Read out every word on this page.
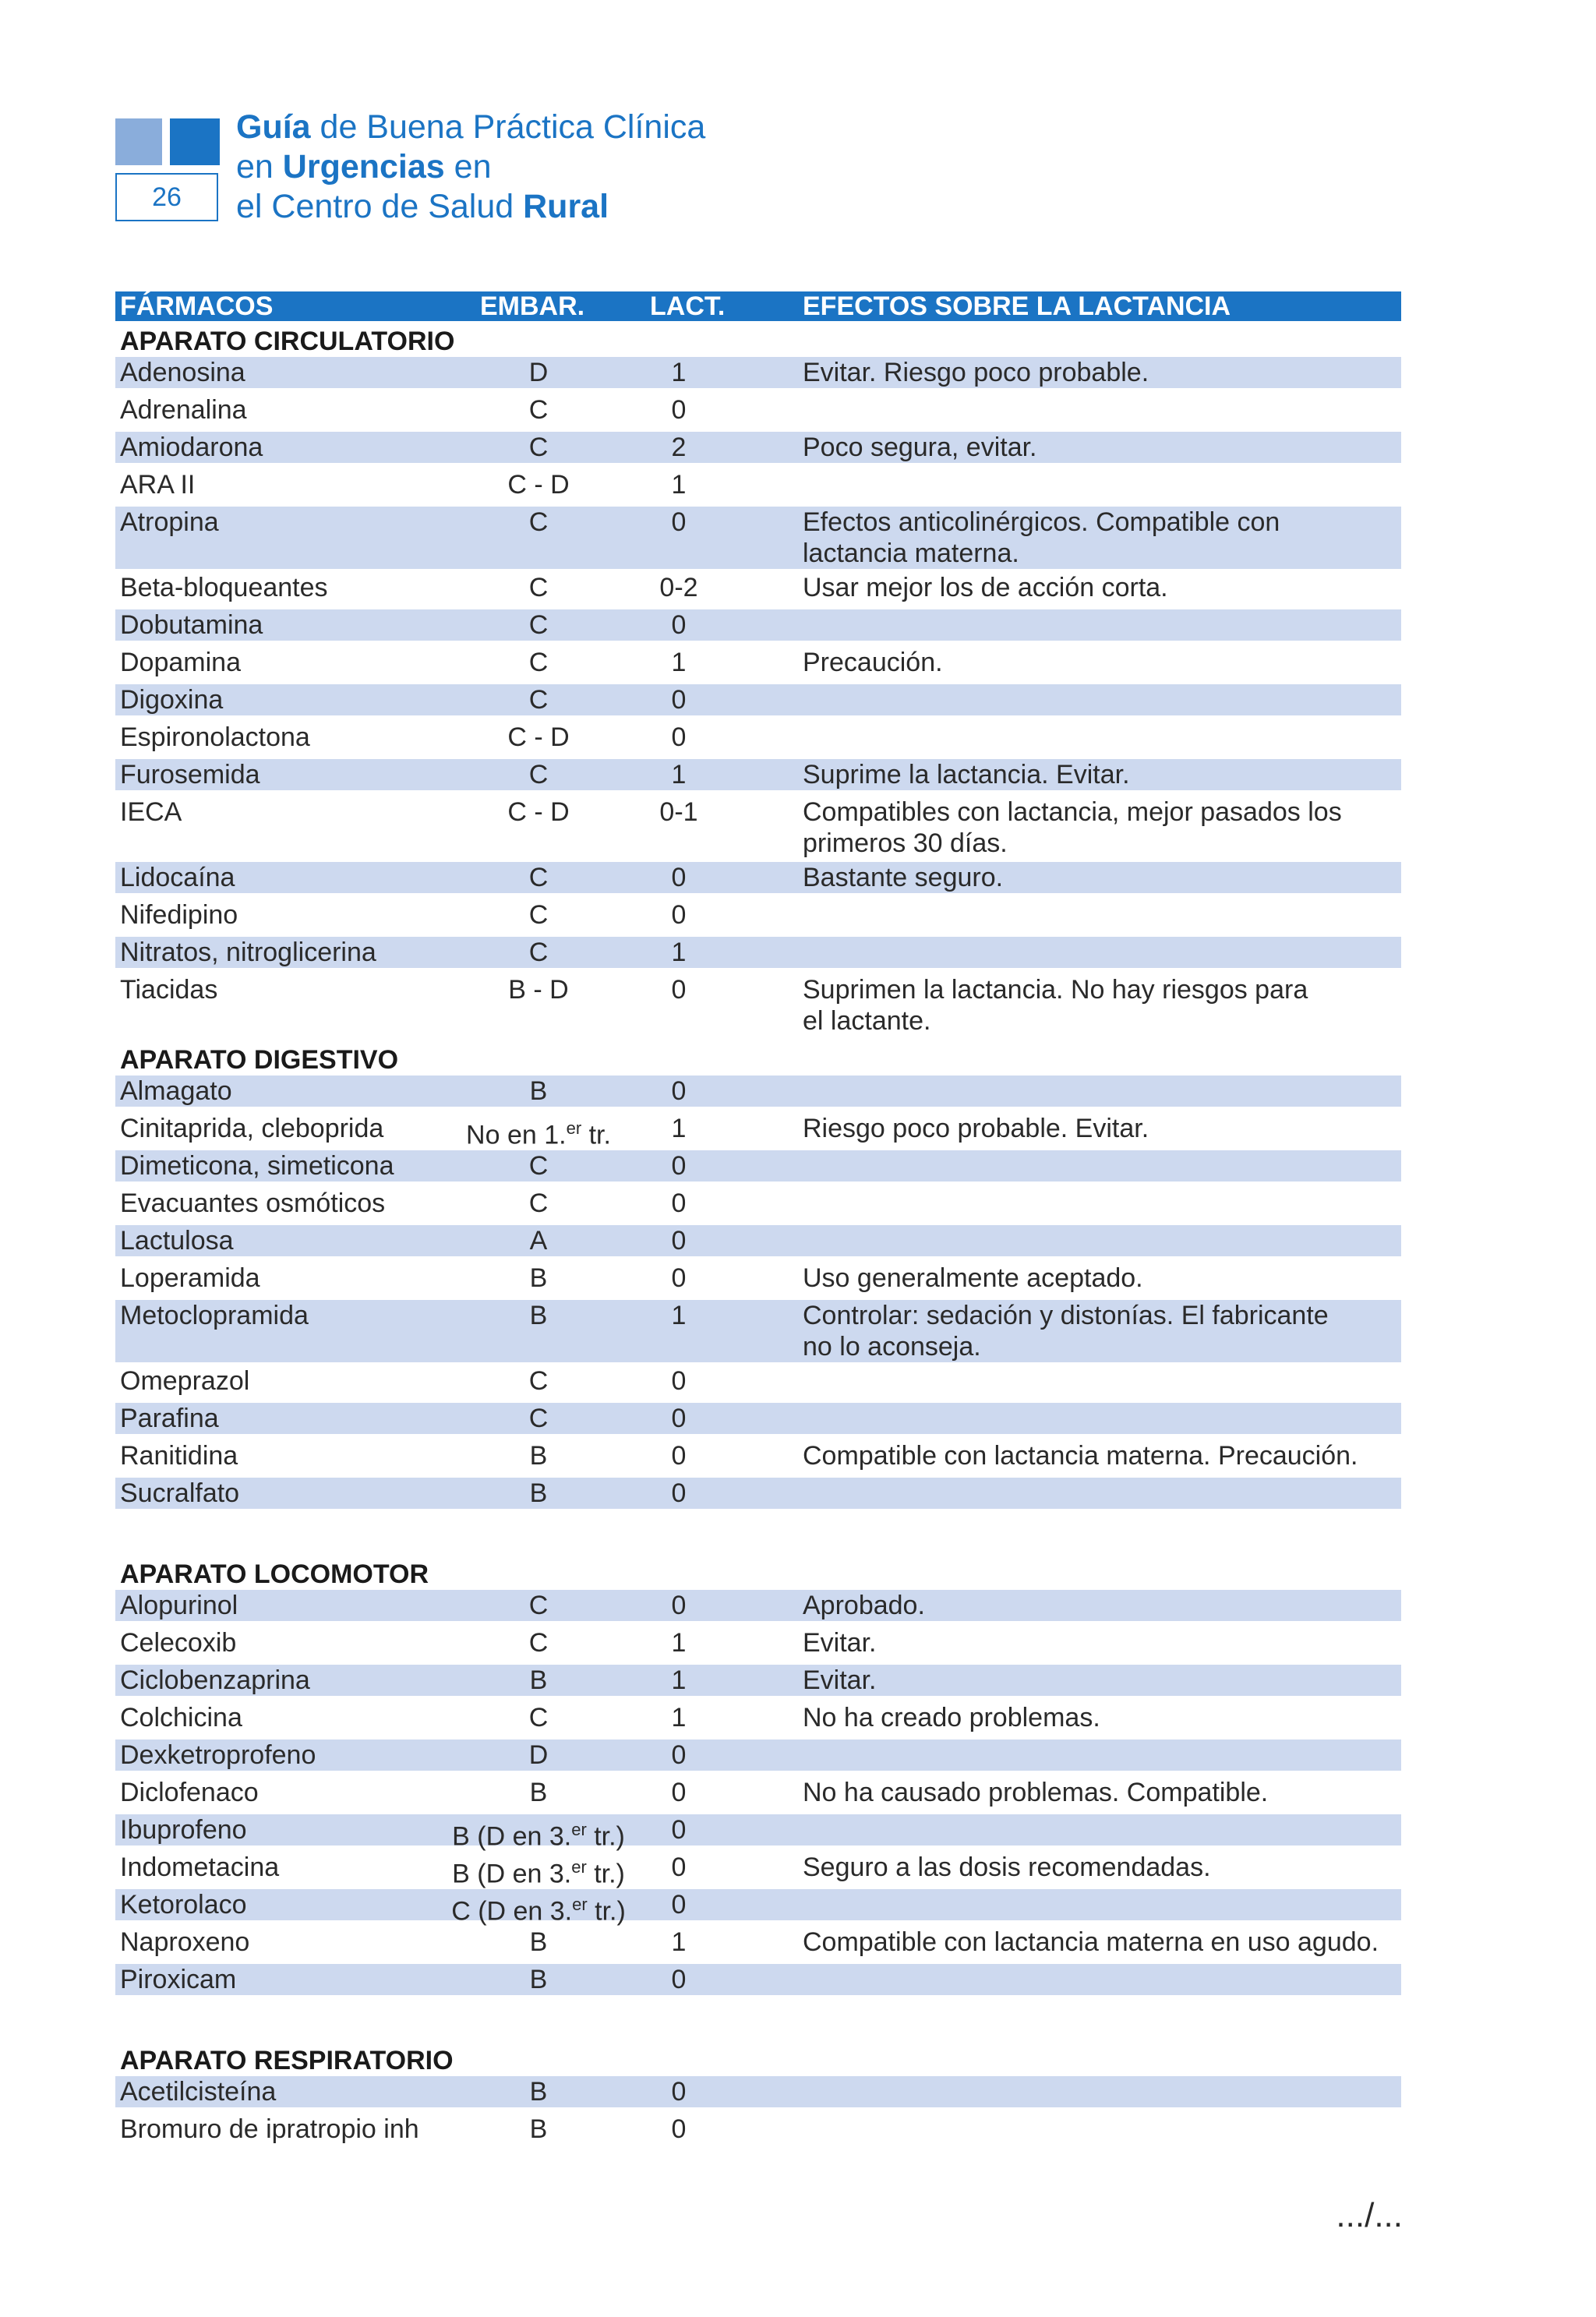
26
Guía de Buena Práctica Clínica
en Urgencias en
el Centro de Salud Rural
FÁRMACOS	EMBAR.	LACT.	EFECTOS SOBRE LA LACTANCIA
APARATO CIRCULATORIO
Adenosina	D	1	Evitar. Riesgo poco probable.
Adrenalina	C	0
Amiodarona	C	2	Poco segura, evitar.
ARA II	C - D	1
Atropina	C	0	Efectos anticolinérgicos. Compatible con
lactancia materna.
Beta-bloqueantes	C	0-2	Usar mejor los de acción corta.
Dobutamina	C	0
Dopamina	C	1	Precaución.
Digoxina	C	0
Espironolactona	C - D	0
Furosemida	C	1	Suprime la lactancia. Evitar.
IECA	C - D	0-1	Compatibles con lactancia, mejor pasados los
primeros 30 días.
Lidocaína	C	0	Bastante seguro.
Nifedipino	C	0
Nitratos, nitroglicerina	C	1
Tiacidas	B - D	0	Suprimen la lactancia. No hay riesgos para
el lactante.
APARATO DIGESTIVO
Almagato	B	0
Cinitaprida, cleboprida	No en 1.$^{er}$ tr.	1	Riesgo poco probable. Evitar.
Dimeticona, simeticona	C	0
Evacuantes osmóticos	C	0
Lactulosa	A	0
Loperamida	B	0	Uso generalmente aceptado.
Metoclopramida	B	1	Controlar: sedación y distonías. El fabricante
no lo aconseja.
Omeprazol	C	0
Parafina	C	0
Ranitidina	B	0	Compatible con lactancia materna. Precaución.
Sucralfato	B	0
APARATO LOCOMOTOR
Alopurinol	C	0	Aprobado.
Celecoxib	C	1	Evitar.
Ciclobenzaprina	B	1	Evitar.
Colchicina	C	1	No ha creado problemas.
Dexketroprofeno	D	0
Diclofenaco	B	0	No ha causado problemas. Compatible.
Ibuprofeno	B (D en 3.$^{er}$ tr.)	0
Indometacina	B (D en 3.$^{er}$ tr.)	0	Seguro a las dosis recomendadas.
Ketorolaco	C (D en 3.$^{er}$ tr.)	0
Naproxeno	B	1	Compatible con lactancia materna en uso agudo.
Piroxicam	B	0
APARATO RESPIRATORIO
Acetilcisteína	B	0
Bromuro de ipratropio inh	B	0
.../...
